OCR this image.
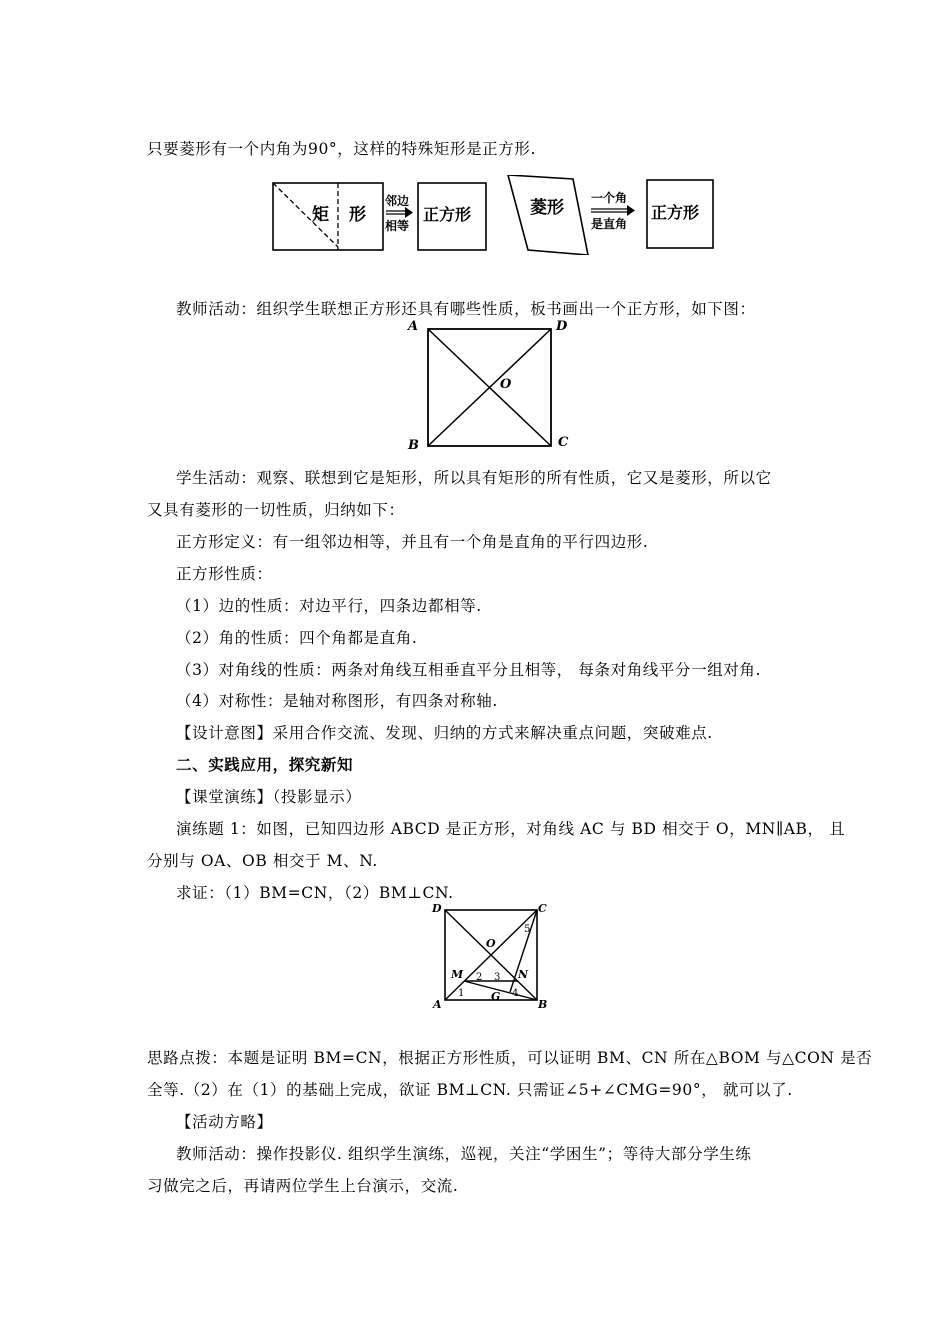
只要菱形有一个内角为90°，这样的特殊矩形是正方形.
矩 形
邻边
相等
正方形	菱形 一个角
是直角
正方形
教师活动：组织学生联想正方形还具有哪些性质，板书画出一个正方形，如下图：
A	D
O
B	C
学生活动：观察、联想到它是矩形，所以具有矩形的所有性质，它又是菱形，所以它
又具有菱形的一切性质，归纳如下：
正方形定义：有一组邻边相等，并且有一个角是直角的平行四边形.
正方形性质：
（1）边的性质：对边平行，四条边都相等.
（2）角的性质：四个角都是直角.
（3）对角线的性质：两条对角线互相垂直平分且相等， 每条对角线平分一组对角.
（4）对称性：是轴对称图形，有四条对称轴.
【设计意图】采用合作交流、发现、归纳的方式来解决重点问题，突破难点.
二、实践应用，探究新知
【课堂演练】（投影显示）
演练题 1：如图，已知四边形 ABCD 是正方形，对角线 AC 与 BD 相交于 O，MN∥AB， 且
分别与 OA、OB 相交于 M、N.
求证：（1）BM=CN，（2）BM⊥CN.
D	C
5
O
M 2 3 N
4
1 G
A	B
思路点拨：本题是证明 BM=CN，根据正方形性质，可以证明 BM、CN 所在△BOM 与△CON 是否
全等.（2）在（1）的基础上完成，欲证 BM⊥CN. 只需证∠5+∠CMG=90°， 就可以了.
【活动方略】
教师活动：操作投影仪. 组织学生演练，巡视，关注“学困生”；等待大部分学生练
习做完之后，再请两位学生上台演示，交流.
